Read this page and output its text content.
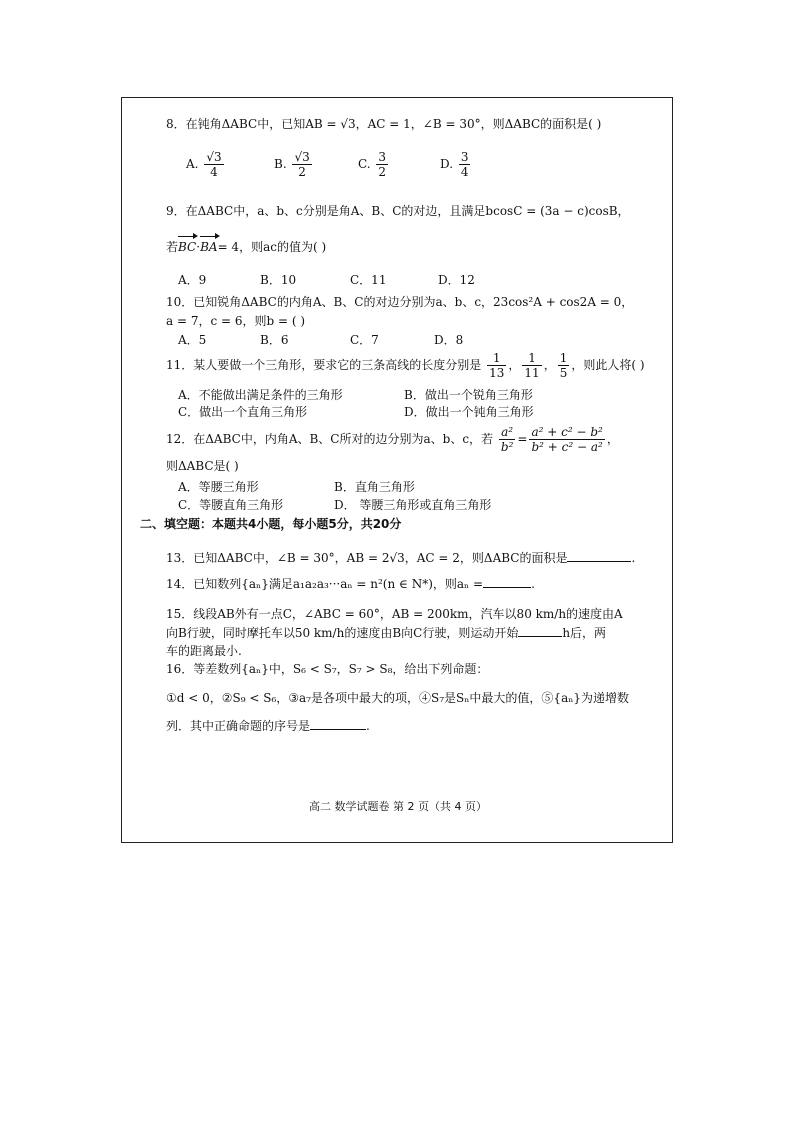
8．在钝角ΔABC中，已知AB = √3，AC = 1，∠B = 30°，则ΔABC的面积是( )
A. $\frac{√3}{4}$	B. $\frac{√3}{2}$	C. $\frac{3}{2}$	D. $\frac{3}{4}$
9．在ΔABC中，a、b、c分别是角A、B、C的对边，且满足bcosC = (3a − c)cosB，
若BC·BA= 4，则ac的值为( )
A．9	B．10	C．11	D．12
10．已知锐角ΔABC的内角A、B、C的对边分别为a、b、c，23cos²A + cos2A = 0，
a = 7，c = 6，则b = ( )
A．5	B．6	C．7	D．8
11．某人要做一个三角形，要求它的三条高线的长度分别是 $\frac{1}{13}$ ， $\frac{1}{11}$ ， $\frac{1}{5}$ ，则此人将( )
A．不能做出满足条件的三角形	B．做出一个锐角三角形
C．做出一个直角三角形	D．做出一个钝角三角形
12．在ΔABC中，内角A、B、C所对的边分别为a、b、c，若 $\frac{\text{a²}}{\text{b²}} = \frac{\text{a² + c² − b²}}{\text{b² + c² − a²}}$ ，
则ΔABC是( )
A．等腰三角形	B．直角三角形
C．等腰直角三角形	D． 等腰三角形或直角三角形
二、填空题：本题共4小题，每小题5分，共20分
13．已知ΔABC中，∠B = 30°，AB = 2√3，AC = 2，则ΔABC的面积是	.
14．已知数列{aₙ}满足a₁a₂a₃···aₙ = n²(n ∈ N*)，则aₙ =	.
15．线段AB外有一点C，∠ABC = 60°，AB = 200km，汽车以80 km/h的速度由A
向B行驶，同时摩托车以50 km/h的速度由B向C行驶，则运动开始	h后，两
车的距离最小.
16．等差数列{aₙ}中，S₆ < S₇，S₇ > S₈，给出下列命题：
①d < 0，②S₉ < S₆，③a₇是各项中最大的项，④S₇是Sₙ中最大的值，⑤{aₙ}为递增数
列．其中正确命题的序号是	.
高二 数学试题卷 第 2 页（共 4 页）
